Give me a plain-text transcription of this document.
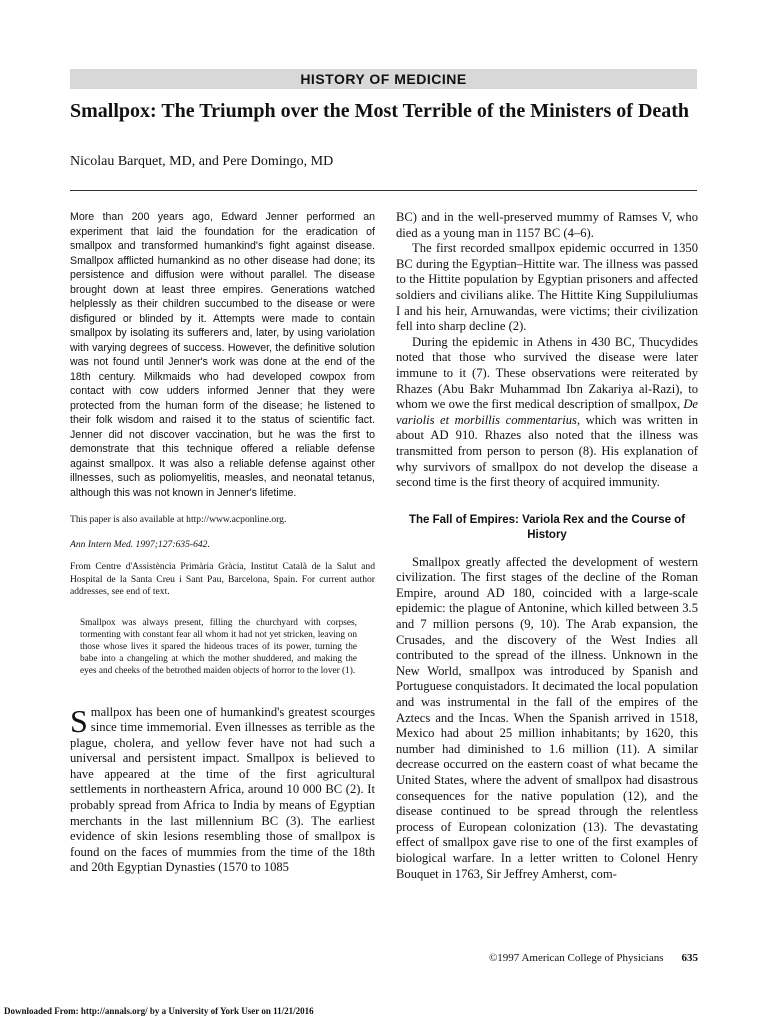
HISTORY OF MEDICINE
Smallpox: The Triumph over the Most Terrible of the Ministers of Death
Nicolau Barquet, MD, and Pere Domingo, MD

More than 200 years ago, Edward Jenner performed an experiment that laid the foundation for the eradication of smallpox and transformed humankind's fight against disease. Smallpox afflicted humankind as no other disease had done; its persistence and diffusion were without parallel. The disease brought down at least three empires. Generations watched helplessly as their children succumbed to the disease or were disfigured or blinded by it. Attempts were made to contain smallpox by isolating its sufferers and, later, by using variolation with varying degrees of success. However, the definitive solution was not found until Jenner's work was done at the end of the 18th century. Milkmaids who had developed cowpox from contact with cow udders informed Jenner that they were protected from the human form of the disease; he listened to their folk wisdom and raised it to the status of scientific fact. Jenner did not discover vaccination, but he was the first to demonstrate that this technique offered a reliable defense against smallpox. It was also a reliable defense against other illnesses, such as poliomyelitis, measles, and neonatal tetanus, although this was not known in Jenner's lifetime.

This paper is also available at http://www.acponline.org.

Ann Intern Med. 1997;127:635-642.

From Centre d'Assistència Primària Gràcia, Institut Català de la Salut and Hospital de la Santa Creu i Sant Pau, Barcelona, Spain. For current author addresses, see end of text.

Smallpox was always present, filling the churchyard with corpses, tormenting with constant fear all whom it had not yet stricken, leaving on those whose lives it spared the hideous traces of its power, turning the babe into a changeling at which the mother shuddered, and making the eyes and cheeks of the betrothed maiden objects of horror to the lover (1).

Smallpox has been one of humankind's greatest scourges since time immemorial. Even illnesses as terrible as the plague, cholera, and yellow fever have not had such a universal and persistent impact. Smallpox is believed to have appeared at the time of the first agricultural settlements in northeastern Africa, around 10 000 BC (2). It probably spread from Africa to India by means of Egyptian merchants in the last millennium BC (3). The earliest evidence of skin lesions resembling those of smallpox is found on the faces of mummies from the time of the 18th and 20th Egyptian Dynasties (1570 to 1085

BC) and in the well-preserved mummy of Ramses V, who died as a young man in 1157 BC (4–6).

The first recorded smallpox epidemic occurred in 1350 BC during the Egyptian–Hittite war. The illness was passed to the Hittite population by Egyptian prisoners and affected soldiers and civilians alike. The Hittite King Suppiluliumas I and his heir, Arnuwandas, were victims; their civilization fell into sharp decline (2).

During the epidemic in Athens in 430 BC, Thucydides noted that those who survived the disease were later immune to it (7). These observations were reiterated by Rhazes (Abu Bakr Muhammad Ibn Zakariya al-Razi), to whom we owe the first medical description of smallpox, De variolis et morbillis commentarius, which was written in about AD 910. Rhazes also noted that the illness was transmitted from person to person (8). His explanation of why survivors of smallpox do not develop the disease a second time is the first theory of acquired immunity.

The Fall of Empires: Variola Rex and the Course of History

Smallpox greatly affected the development of western civilization. The first stages of the decline of the Roman Empire, around AD 180, coincided with a large-scale epidemic: the plague of Antonine, which killed between 3.5 and 7 million persons (9, 10). The Arab expansion, the Crusades, and the discovery of the West Indies all contributed to the spread of the illness. Unknown in the New World, smallpox was introduced by Spanish and Portuguese conquistadors. It decimated the local population and was instrumental in the fall of the empires of the Aztecs and the Incas. When the Spanish arrived in 1518, Mexico had about 25 million inhabitants; by 1620, this number had diminished to 1.6 million (11). A similar decrease occurred on the eastern coast of what became the United States, where the advent of smallpox had disastrous consequences for the native population (12), and the disease continued to be spread through the relentless process of European colonization (13). The devastating effect of smallpox gave rise to one of the first examples of biological warfare. In a letter written to Colonel Henry Bouquet in 1763, Sir Jeffrey Amherst, com-

©1997 American College of Physicians 635
Downloaded From: http://annals.org/ by a University of York User on 11/21/2016
